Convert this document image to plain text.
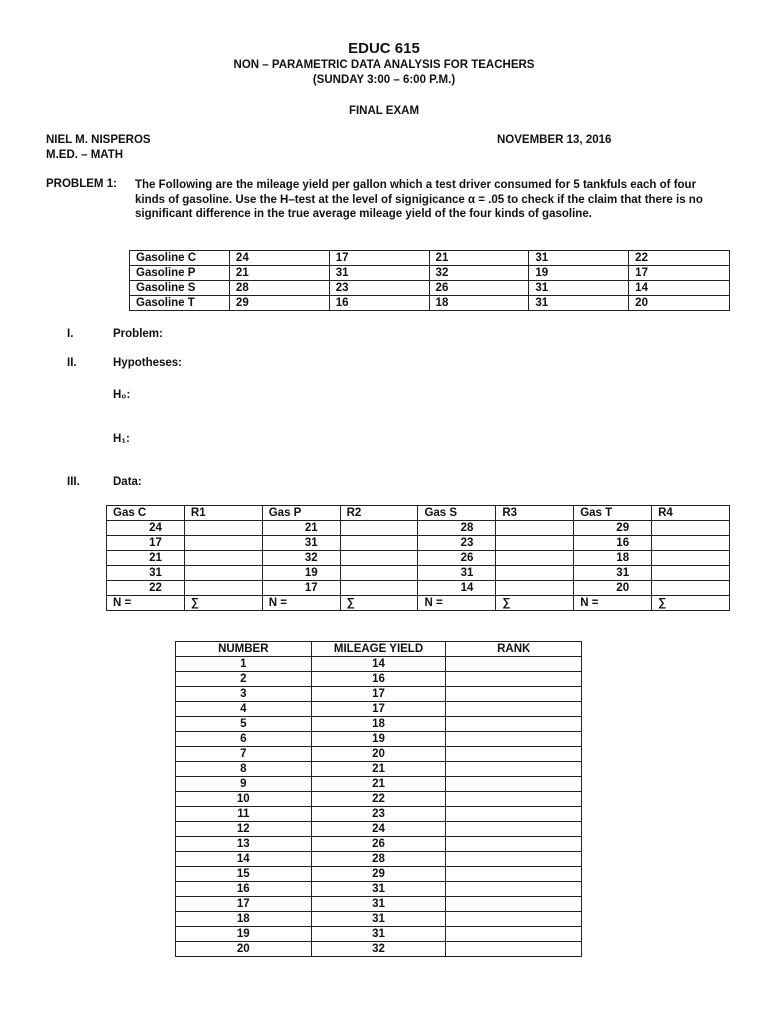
EDUC 615
NON – PARAMETRIC DATA ANALYSIS FOR TEACHERS
(SUNDAY 3:00 – 6:00 P.M.)
FINAL EXAM
NIEL M. NISPEROS
M.ED. – MATH
NOVEMBER 13, 2016
PROBLEM 1: The Following are the mileage yield per gallon which a test driver consumed for 5 tankfuls each of four kinds of gasoline. Use the H–test at the level of signigicance α = .05 to check if the claim that there is no significant difference in the true average mileage yield of the four kinds of gasoline.
Gasoline C	24	17	21	31	22
Gasoline P	21	31	32	19	17
Gasoline S	28	23	26	31	14
Gasoline T	29	16	18	31	20
I.	Problem:
II.	Hypotheses:
H₀:
H₁:
III.	Data:
Gas C	R1	Gas P	R2	Gas S	R3	Gas T	R4
24		21		28		29	
17		31		23		16	
21		32		26		18	
31		19		31		31	
22		17		14		20	
N =	∑	N =	∑	N =	∑	N =	∑
NUMBER	MILEAGE YIELD	RANK
1	14	
2	16	
3	17	
4	17	
5	18	
6	19	
7	20	
8	21	
9	21	
10	22	
11	23	
12	24	
13	26	
14	28	
15	29	
16	31	
17	31	
18	31	
19	31	
20	32	
